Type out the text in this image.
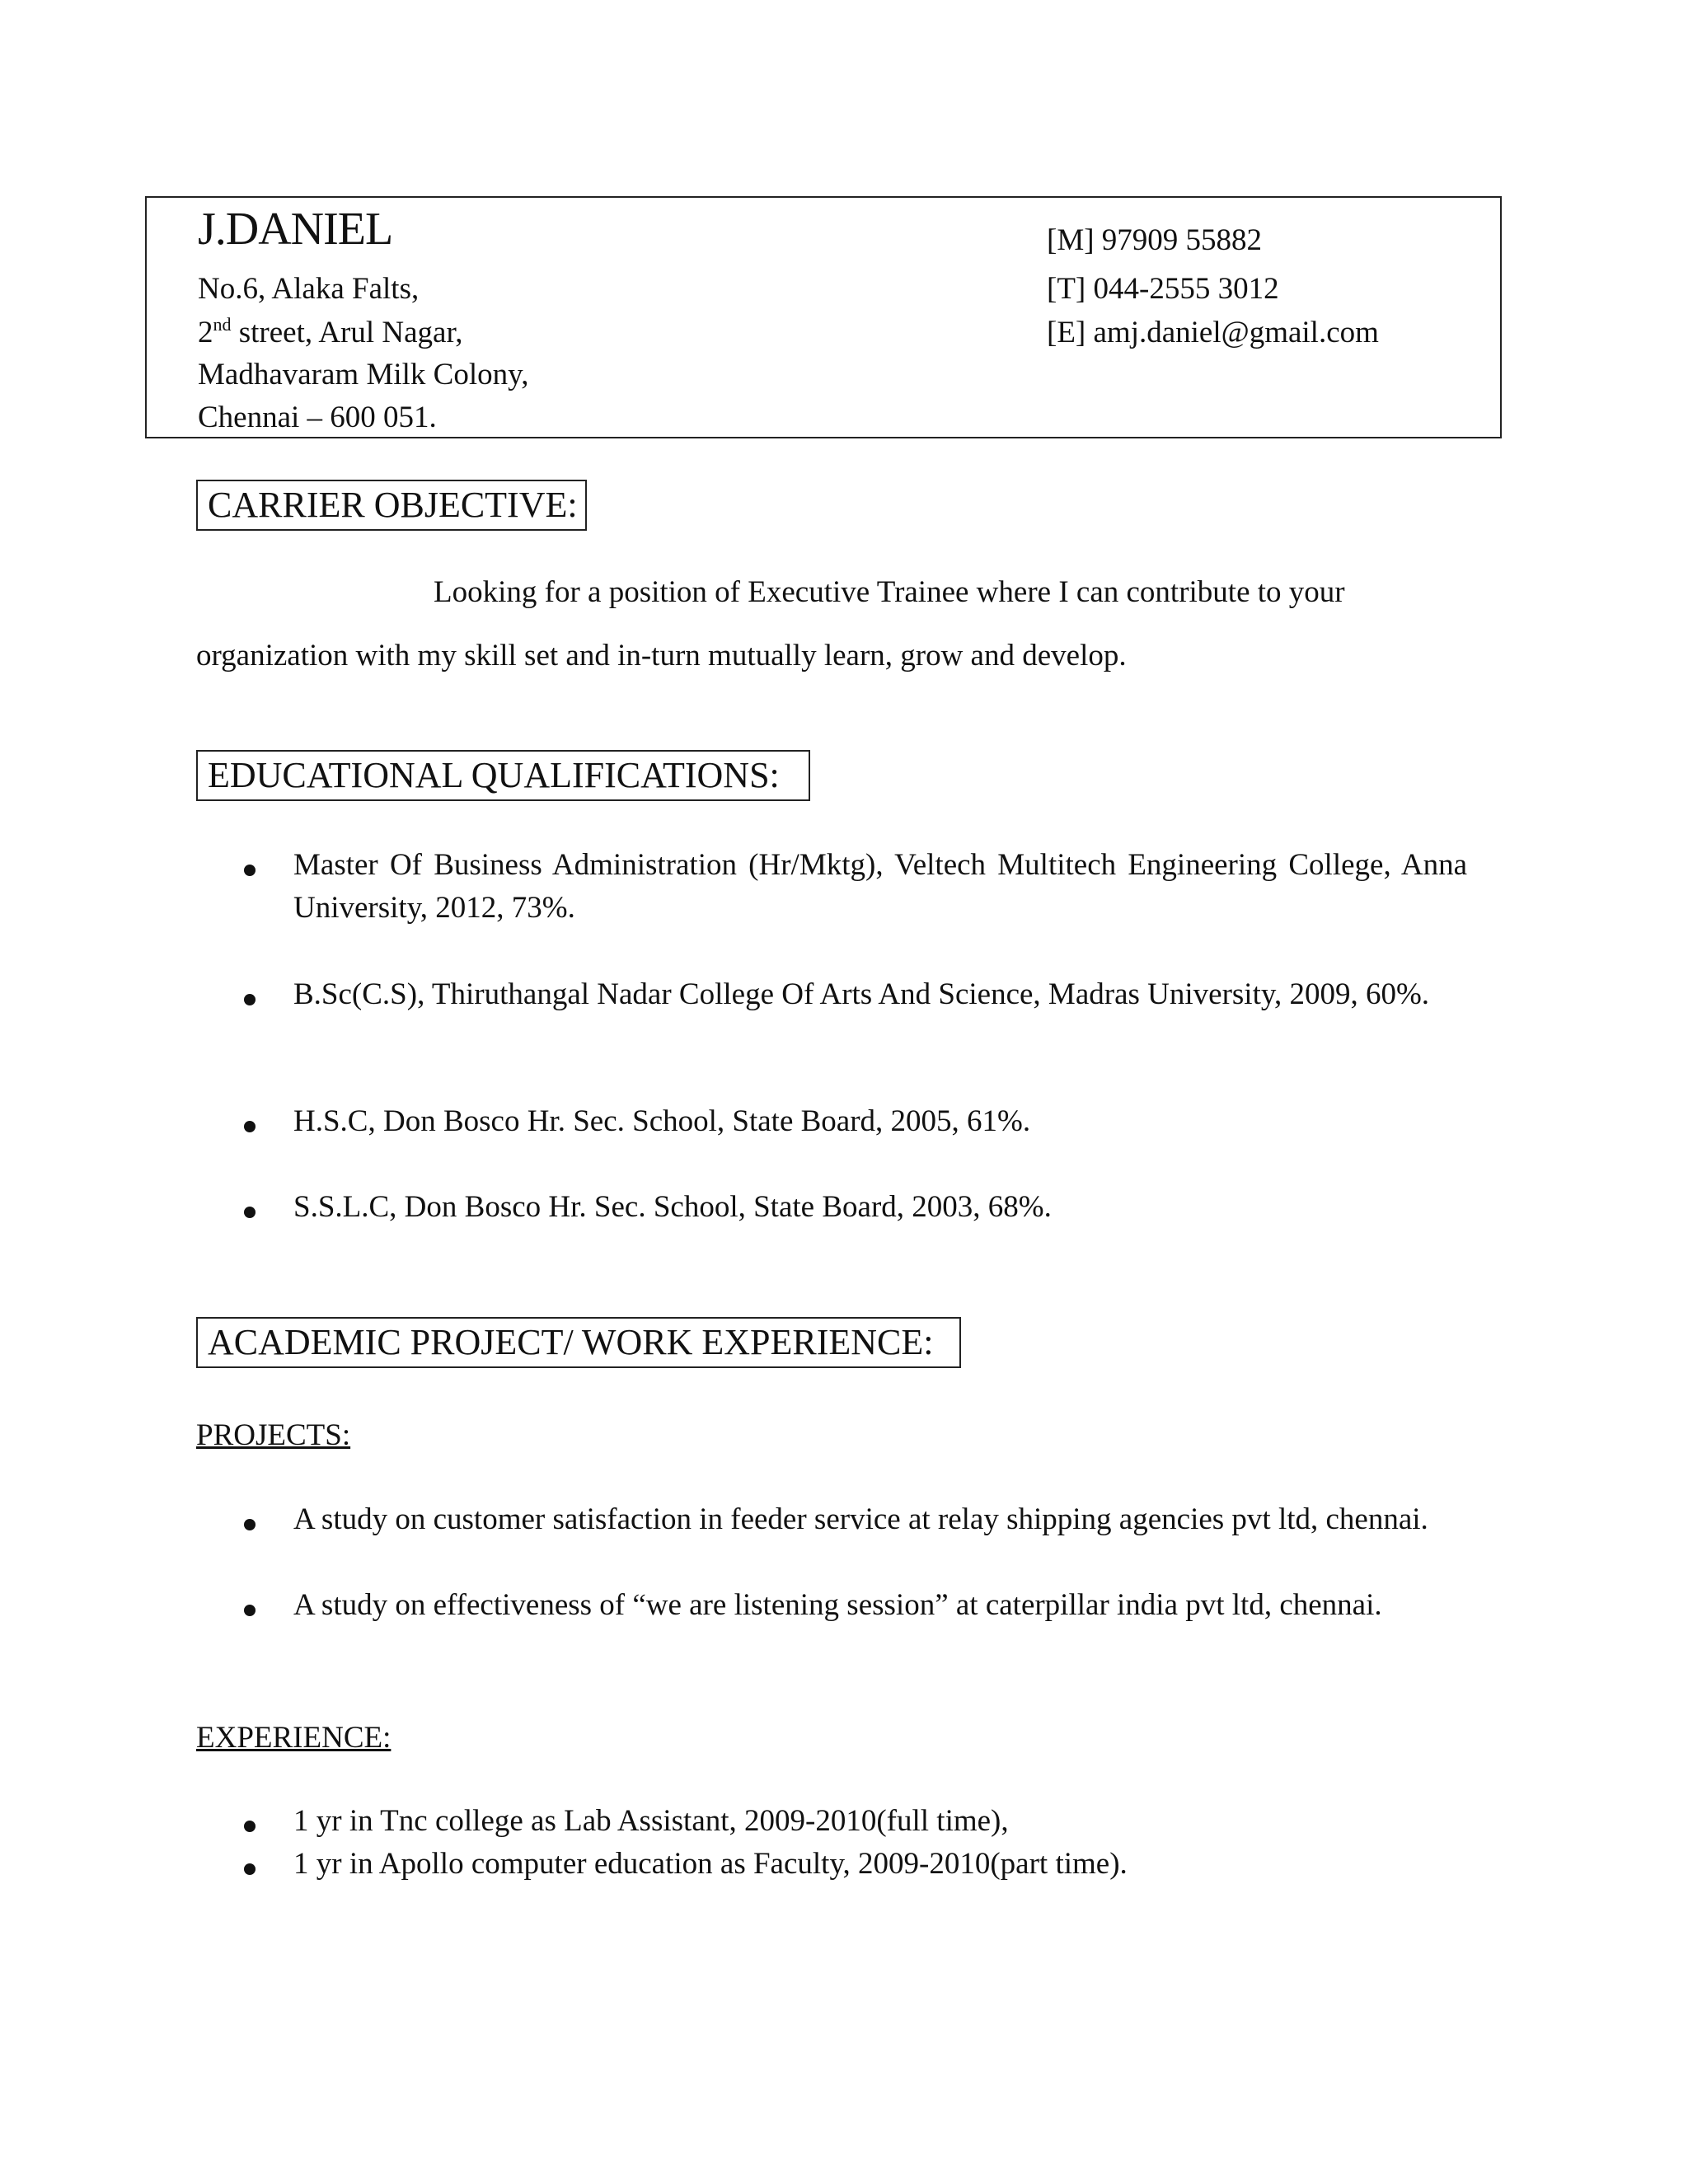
J.DANIEL
No.6, Alaka Falts,
2nd street, Arul Nagar,
Madhavaram Milk Colony,
Chennai – 600 051.
[M] 97909 55882
[T] 044-2555 3012
[E] amj.daniel@gmail.com
CARRIER OBJECTIVE:
Looking for a position of Executive Trainee where I can contribute to your
organization with my skill set and in-turn mutually learn, grow and develop.
EDUCATIONAL QUALIFICATIONS:
Master Of Business Administration (Hr/Mktg), Veltech Multitech Engineering College, Anna University, 2012, 73%.
B.Sc(C.S), Thiruthangal Nadar College Of Arts And Science, Madras University, 2009, 60%.
H.S.C, Don Bosco Hr. Sec. School, State Board, 2005, 61%.
S.S.L.C, Don Bosco Hr. Sec. School, State Board, 2003, 68%.
ACADEMIC PROJECT/ WORK EXPERIENCE:
PROJECTS:
A study on customer satisfaction in feeder service at relay shipping agencies pvt ltd, chennai.
A study on effectiveness of “we are listening session” at caterpillar india pvt ltd, chennai.
EXPERIENCE:
1 yr in Tnc college as Lab Assistant, 2009-2010(full time),
1 yr in Apollo computer education as Faculty, 2009-2010(part time).
